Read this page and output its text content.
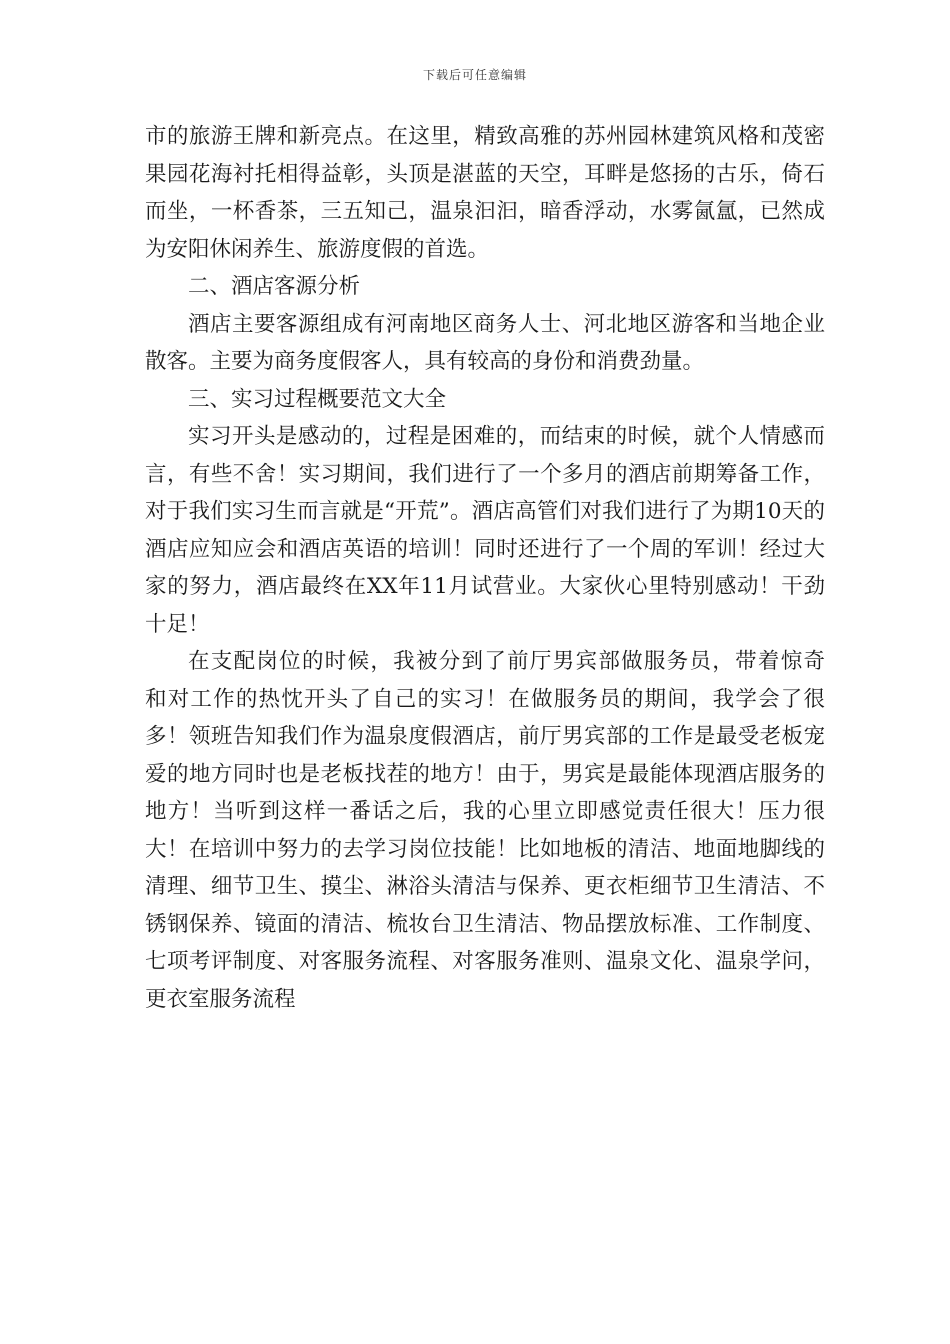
下载后可任意编辑

市的旅游王牌和新亮点。在这里，精致高雅的苏州园林建筑风格和茂密果园花海衬托相得益彰，头顶是湛蓝的天空，耳畔是悠扬的古乐，倚石而坐，一杯香茶，三五知己，温泉汩汩，暗香浮动，水雾氤氲，已然成为安阳休闲养生、旅游度假的首选。

二、酒店客源分析

酒店主要客源组成有河南地区商务人士、河北地区游客和当地企业散客。主要为商务度假客人，具有较高的身份和消费劲量。

三、实习过程概要范文大全

实习开头是感动的，过程是困难的，而结束的时候，就个人情感而言，有些不舍！实习期间，我们进行了一个多月的酒店前期筹备工作，对于我们实习生而言就是“开荒”。酒店高管们对我们进行了为期10天的酒店应知应会和酒店英语的培训！同时还进行了一个周的军训！经过大家的努力，酒店最终在XX年11月试营业。大家伙心里特别感动！干劲十足！

在支配岗位的时候，我被分到了前厅男宾部做服务员，带着惊奇　和对工作的热忱开头了自己的实习！在做服务员的期间，我学会了很多！领班告知我们作为温泉度假酒店，前厅男宾部的工作是最受老板宠爱的地方同时也是老板找茬的地方！由于，男宾是最能体现酒店服务的地方！当听到这样一番话之后，我的心里立即感觉责任很大！压力很大！在培训中努力的去学习岗位技能！比如地板的清洁、地面地脚线的清理、细节卫生、摸尘、淋浴头清洁与保养、更衣柜细节卫生清洁、不锈钢保养、镜面的清洁、梳妆台卫生清洁、物品摆放标准、工作制度、七项考评制度、对客服务流程、对客服务准则、温泉文化、温泉学问，更衣室服务流程
